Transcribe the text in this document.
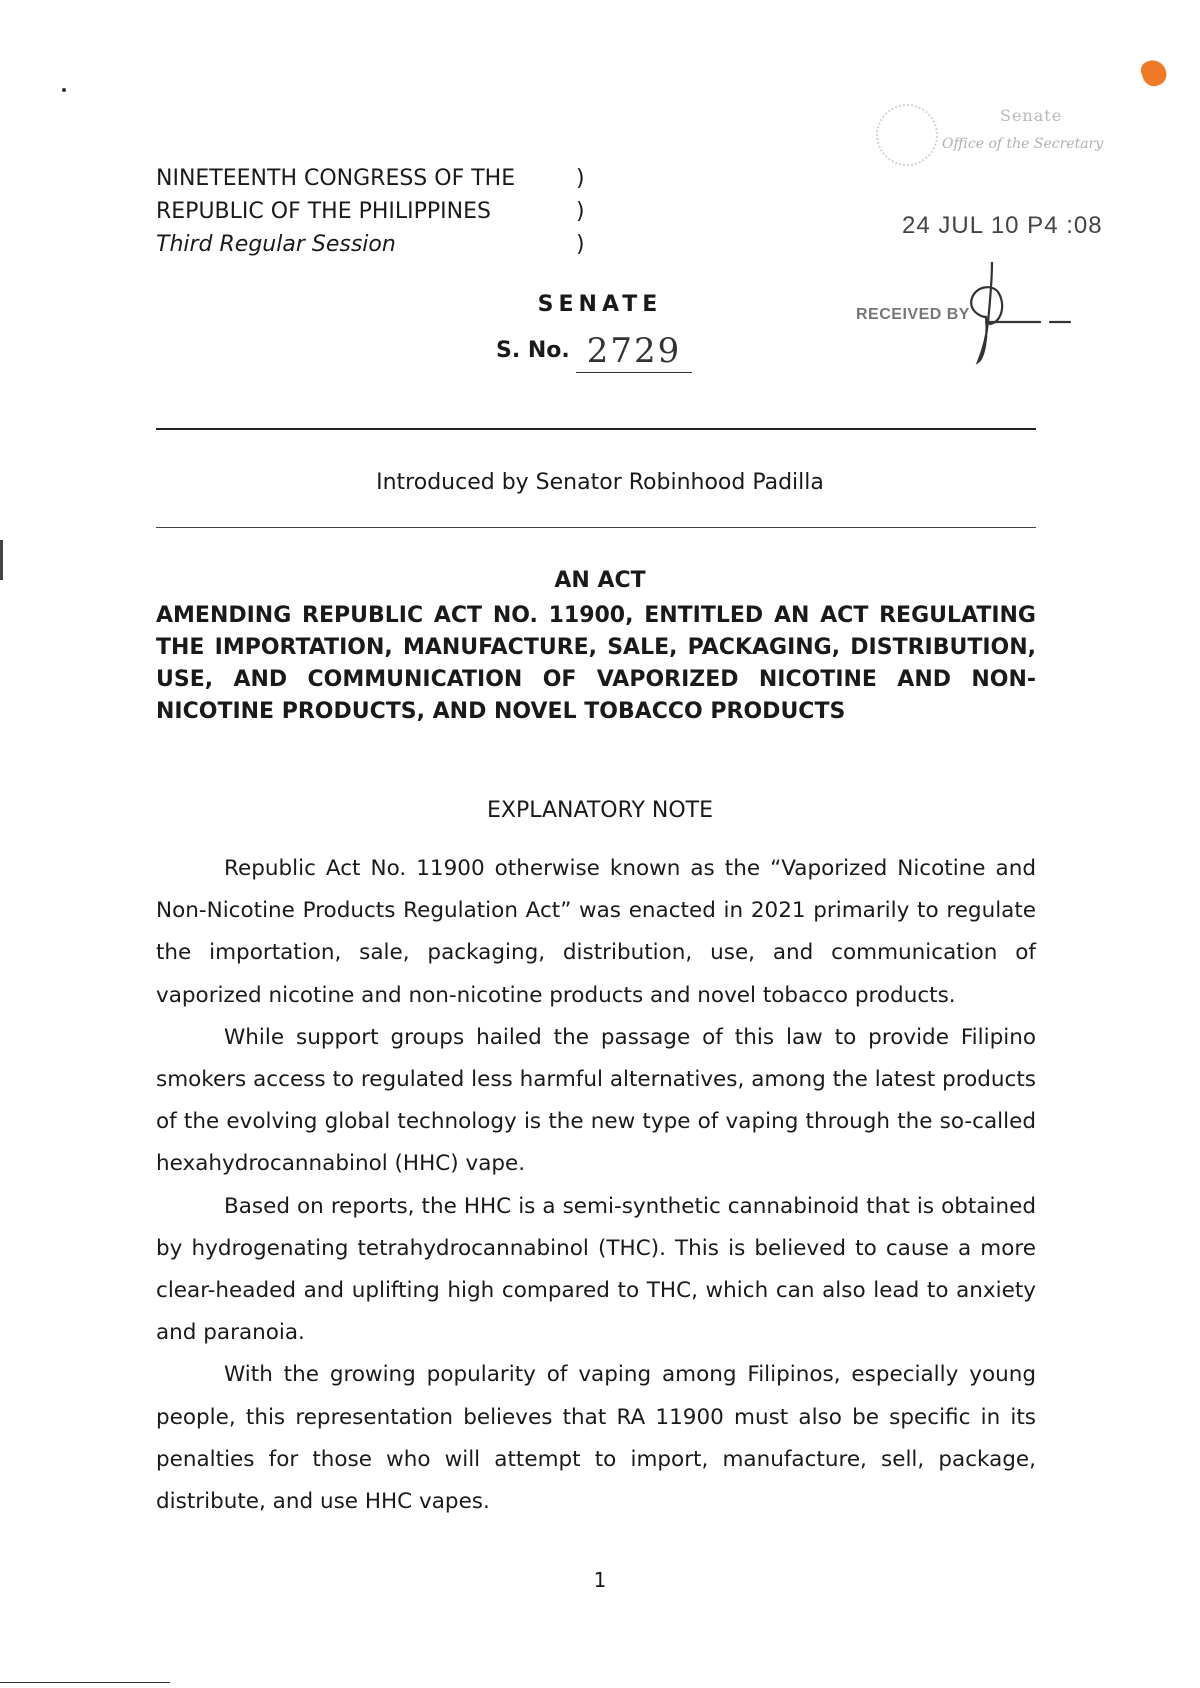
NINETEENTH CONGRESS OF THE	)
REPUBLIC OF THE PHILIPPINES	)
Third Regular Session	)
Senate
Office of the Secretary
24 JUL 10 P4 :08
RECEIVED BY
SENATE
S. No. 2729
Introduced by Senator Robinhood Padilla
AN ACT
AMENDING REPUBLIC ACT NO. 11900, ENTITLED AN ACT REGULATING THE IMPORTATION, MANUFACTURE, SALE, PACKAGING, DISTRIBUTION, USE, AND COMMUNICATION OF VAPORIZED NICOTINE AND NON-NICOTINE PRODUCTS, AND NOVEL TOBACCO PRODUCTS
EXPLANATORY NOTE

Republic Act No. 11900 otherwise known as the “Vaporized Nicotine and Non-Nicotine Products Regulation Act” was enacted in 2021 primarily to regulate the importation, sale, packaging, distribution, use, and communication of vaporized nicotine and non-nicotine products and novel tobacco products.

While support groups hailed the passage of this law to provide Filipino smokers access to regulated less harmful alternatives, among the latest products of the evolving global technology is the new type of vaping through the so-called hexahydrocannabinol (HHC) vape.

Based on reports, the HHC is a semi-synthetic cannabinoid that is obtained by hydrogenating tetrahydrocannabinol (THC). This is believed to cause a more clear-headed and uplifting high compared to THC, which can also lead to anxiety and paranoia.

With the growing popularity of vaping among Filipinos, especially young people, this representation believes that RA 11900 must also be specific in its penalties for those who will attempt to import, manufacture, sell, package, distribute, and use HHC vapes.

1
